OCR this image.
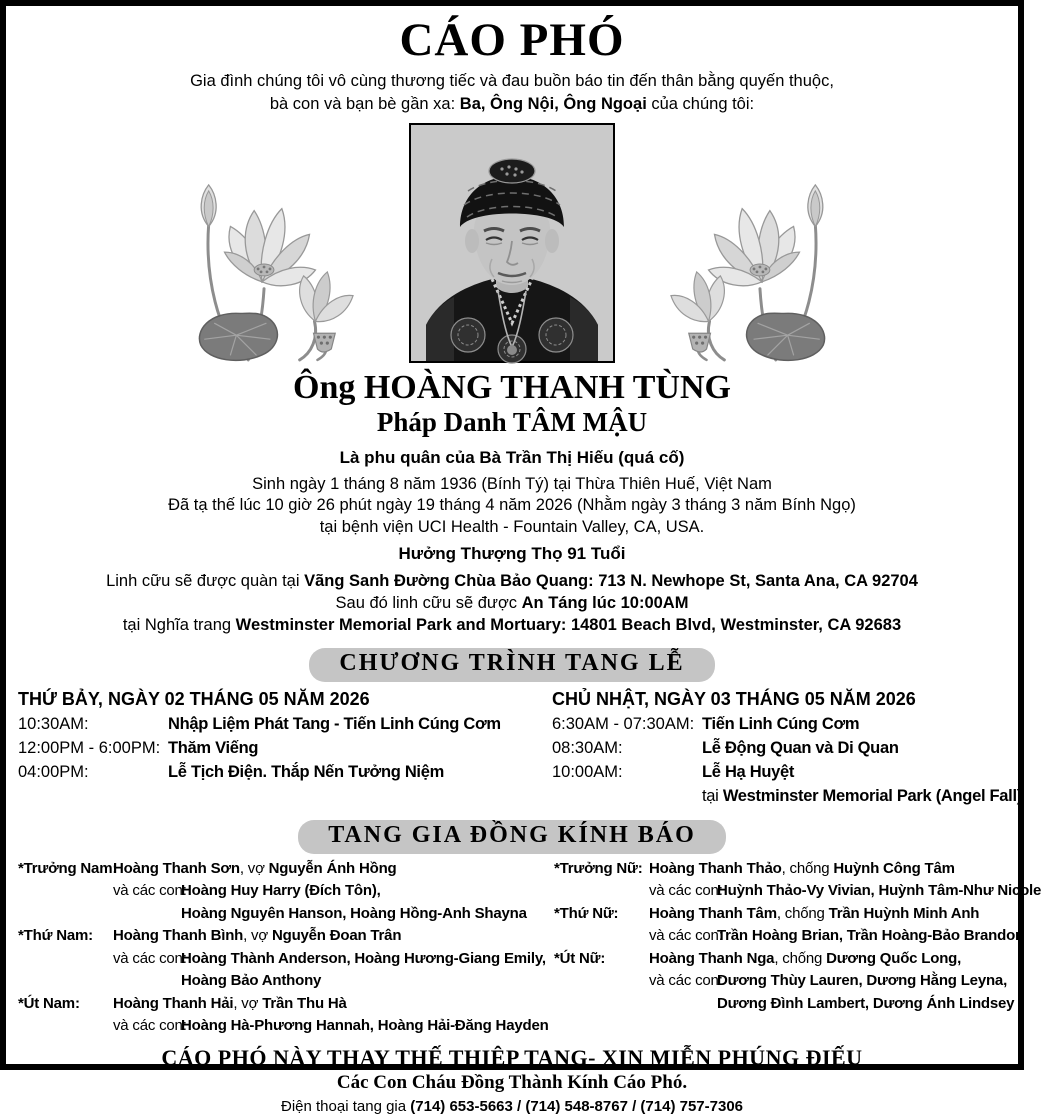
CÁO PHÓ
Gia đình chúng tôi vô cùng thương tiếc và đau buồn báo tin đến thân bằng quyến thuộc,
bà con và bạn bè gần xa: Ba, Ông Nội, Ông Ngoại của chúng tôi:
Ông HOÀNG THANH TÙNG
Pháp Danh TÂM MẬU
Là phu quân của Bà Trần Thị Hiếu (quá cố)
Sinh ngày 1 tháng 8 năm 1936 (Bính Tý) tại Thừa Thiên Huế, Việt Nam
Đã tạ thế lúc 10 giờ 26 phút ngày 19 tháng 4 năm 2026 (Nhằm ngày 3 tháng 3 năm Bính Ngọ)
tại bệnh viện UCI Health - Fountain Valley, CA, USA.
Hưởng Thượng Thọ 91 Tuổi
Linh cữu sẽ được quàn tại Vãng Sanh Đường Chùa Bảo Quang: 713 N. Newhope St, Santa Ana, CA 92704
Sau đó linh cữu sẽ được An Táng lúc 10:00AM
tại Nghĩa trang Westminster Memorial Park and Mortuary: 14801 Beach Blvd, Westminster, CA 92683
CHƯƠNG TRÌNH TANG LỄ
THỨ BẢY, NGÀY 02 THÁNG 05 NĂM 2026
10:30AM:	Nhập Liệm Phát Tang - Tiến Linh Cúng Cơm
12:00PM - 6:00PM: Thăm Viếng
04:00PM:	Lễ Tịch Điện. Thắp Nến Tưởng Niệm
CHỦ NHẬT, NGÀY 03 THÁNG 05 NĂM 2026
6:30AM - 07:30AM: Tiến Linh Cúng Cơm
08:30AM:	Lễ Động Quan và Di Quan
10:00AM:	Lễ Hạ Huyệt
tại Westminster Memorial Park (Angel Fall)
TANG GIA ĐỒNG KÍNH BÁO
*Trưởng Nam:
Hoàng Thanh Sơn, vợ Nguyễn Ánh Hồng
và các con:Hoàng Huy Harry (Đích Tôn),
Hoàng Nguyên Hanson, Hoàng Hồng-Anh Shayna
*Thứ Nam:	Hoàng Thanh Bình, vợ Nguyễn Đoan Trân
và các con:Hoàng Thành Anderson, Hoàng Hương-Giang Emily,
Hoàng Bảo Anthony
*Út Nam:	Hoàng Thanh Hải, vợ Trần Thu Hà
và các con:Hoàng Hà-Phương Hannah, Hoàng Hải-Đăng Hayden
*Trưởng Nữ: Hoàng Thanh Thảo, chống Huỳnh Công Tâm
và các con:Huỳnh Thảo-Vy Vivian, Huỳnh Tâm-Như Nicole
*Thứ Nữ:	Hoàng Thanh Tâm, chống Trần Huỳnh Minh Anh
và các con:Trần Hoàng Brian, Trần Hoàng-Bảo Brandon
*Út Nữ:	Hoàng Thanh Nga, chống Dương Quốc Long,
và các con:Dương Thùy Lauren, Dương Hằng Leyna,
Dương Đình Lambert, Dương Ánh Lindsey
CÁO PHÓ NÀY THAY THẾ THIỆP TANG- XIN MIỄN PHÚNG ĐIẾU
Các Con Cháu Đồng Thành Kính Cáo Phó.
Điện thoại tang gia (714) 653-5663 / (714) 548-8767 / (714) 757-7306
